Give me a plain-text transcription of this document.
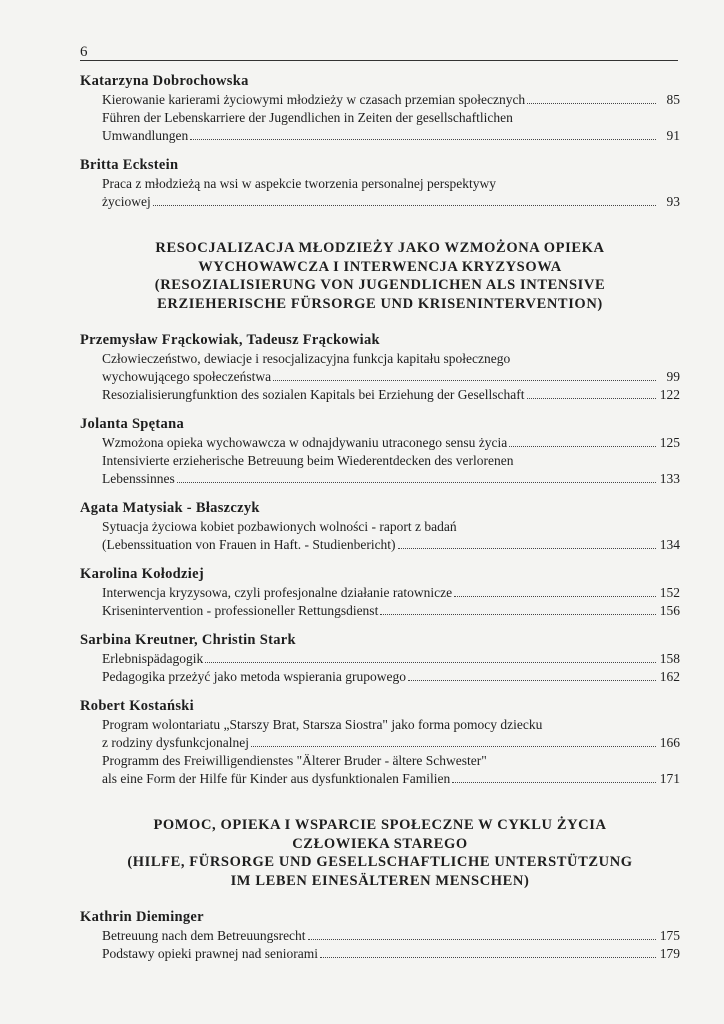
6
Katarzyna Dobrochowska
Kierowanie karierami życiowymi młodzieży w czasach przemian społecznych	85
Führen der Lebenskarriere der Jugendlichen in Zeiten der gesellschaftlichen
Umwandlungen	91
Britta Eckstein
Praca z młodzieżą na wsi w aspekcie tworzenia personalnej perspektywy
życiowej	93
RESOCJALIZACJA MŁODZIEŻY JAKO WZMOŻONA OPIEKA
WYCHOWAWCZA I INTERWENCJA KRYZYSOWA
(RESOZIALISIERUNG VON JUGENDLICHEN ALS INTENSIVE
ERZIEHERISCHE FÜRSORGE UND KRISENINTERVENTION)
Przemysław Frąckowiak, Tadeusz Frąckowiak
Człowieczeństwo, dewiacje i resocjalizacyjna funkcja kapitału społecznego
wychowującego społeczeństwa	99
Resozialisierungfunktion des sozialen Kapitals bei Erziehung der Gesellschaft	122
Jolanta Spętana
Wzmożona opieka wychowawcza w odnajdywaniu utraconego sensu życia	125
Intensivierte erzieherische Betreuung beim Wiederentdecken des verlorenen
Lebenssinnes	133
Agata Matysiak - Błaszczyk
Sytuacja życiowa kobiet pozbawionych wolności - raport z badań
(Lebenssituation von Frauen in Haft. - Studienbericht)	134
Karolina Kołodziej
Interwencja kryzysowa, czyli profesjonalne działanie ratownicze	152
Krisenintervention - professioneller Rettungsdienst	156
Sarbina Kreutner, Christin Stark
Erlebnispädagogik	158
Pedagogika przeżyć jako metoda wspierania grupowego	162
Robert Kostański
Program wolontariatu „Starszy Brat, Starsza Siostra" jako forma pomocy dziecku
z rodziny dysfunkcjonalnej	166
Programm des Freiwilligendienstes "Älterer Bruder - ältere Schwester"
als eine Form der Hilfe für Kinder aus dysfunktionalen Familien	171
POMOC, OPIEKA I WSPARCIE SPOŁECZNE W CYKLU ŻYCIA
CZŁOWIEKA STAREGO
(HILFE, FÜRSORGE UND GESELLSCHAFTLICHE UNTERSTÜTZUNG
IM LEBEN EINESÄLTEREN MENSCHEN)
Kathrin Dieminger
Betreuung nach dem Betreuungsrecht	175
Podstawy opieki prawnej nad seniorami	179
